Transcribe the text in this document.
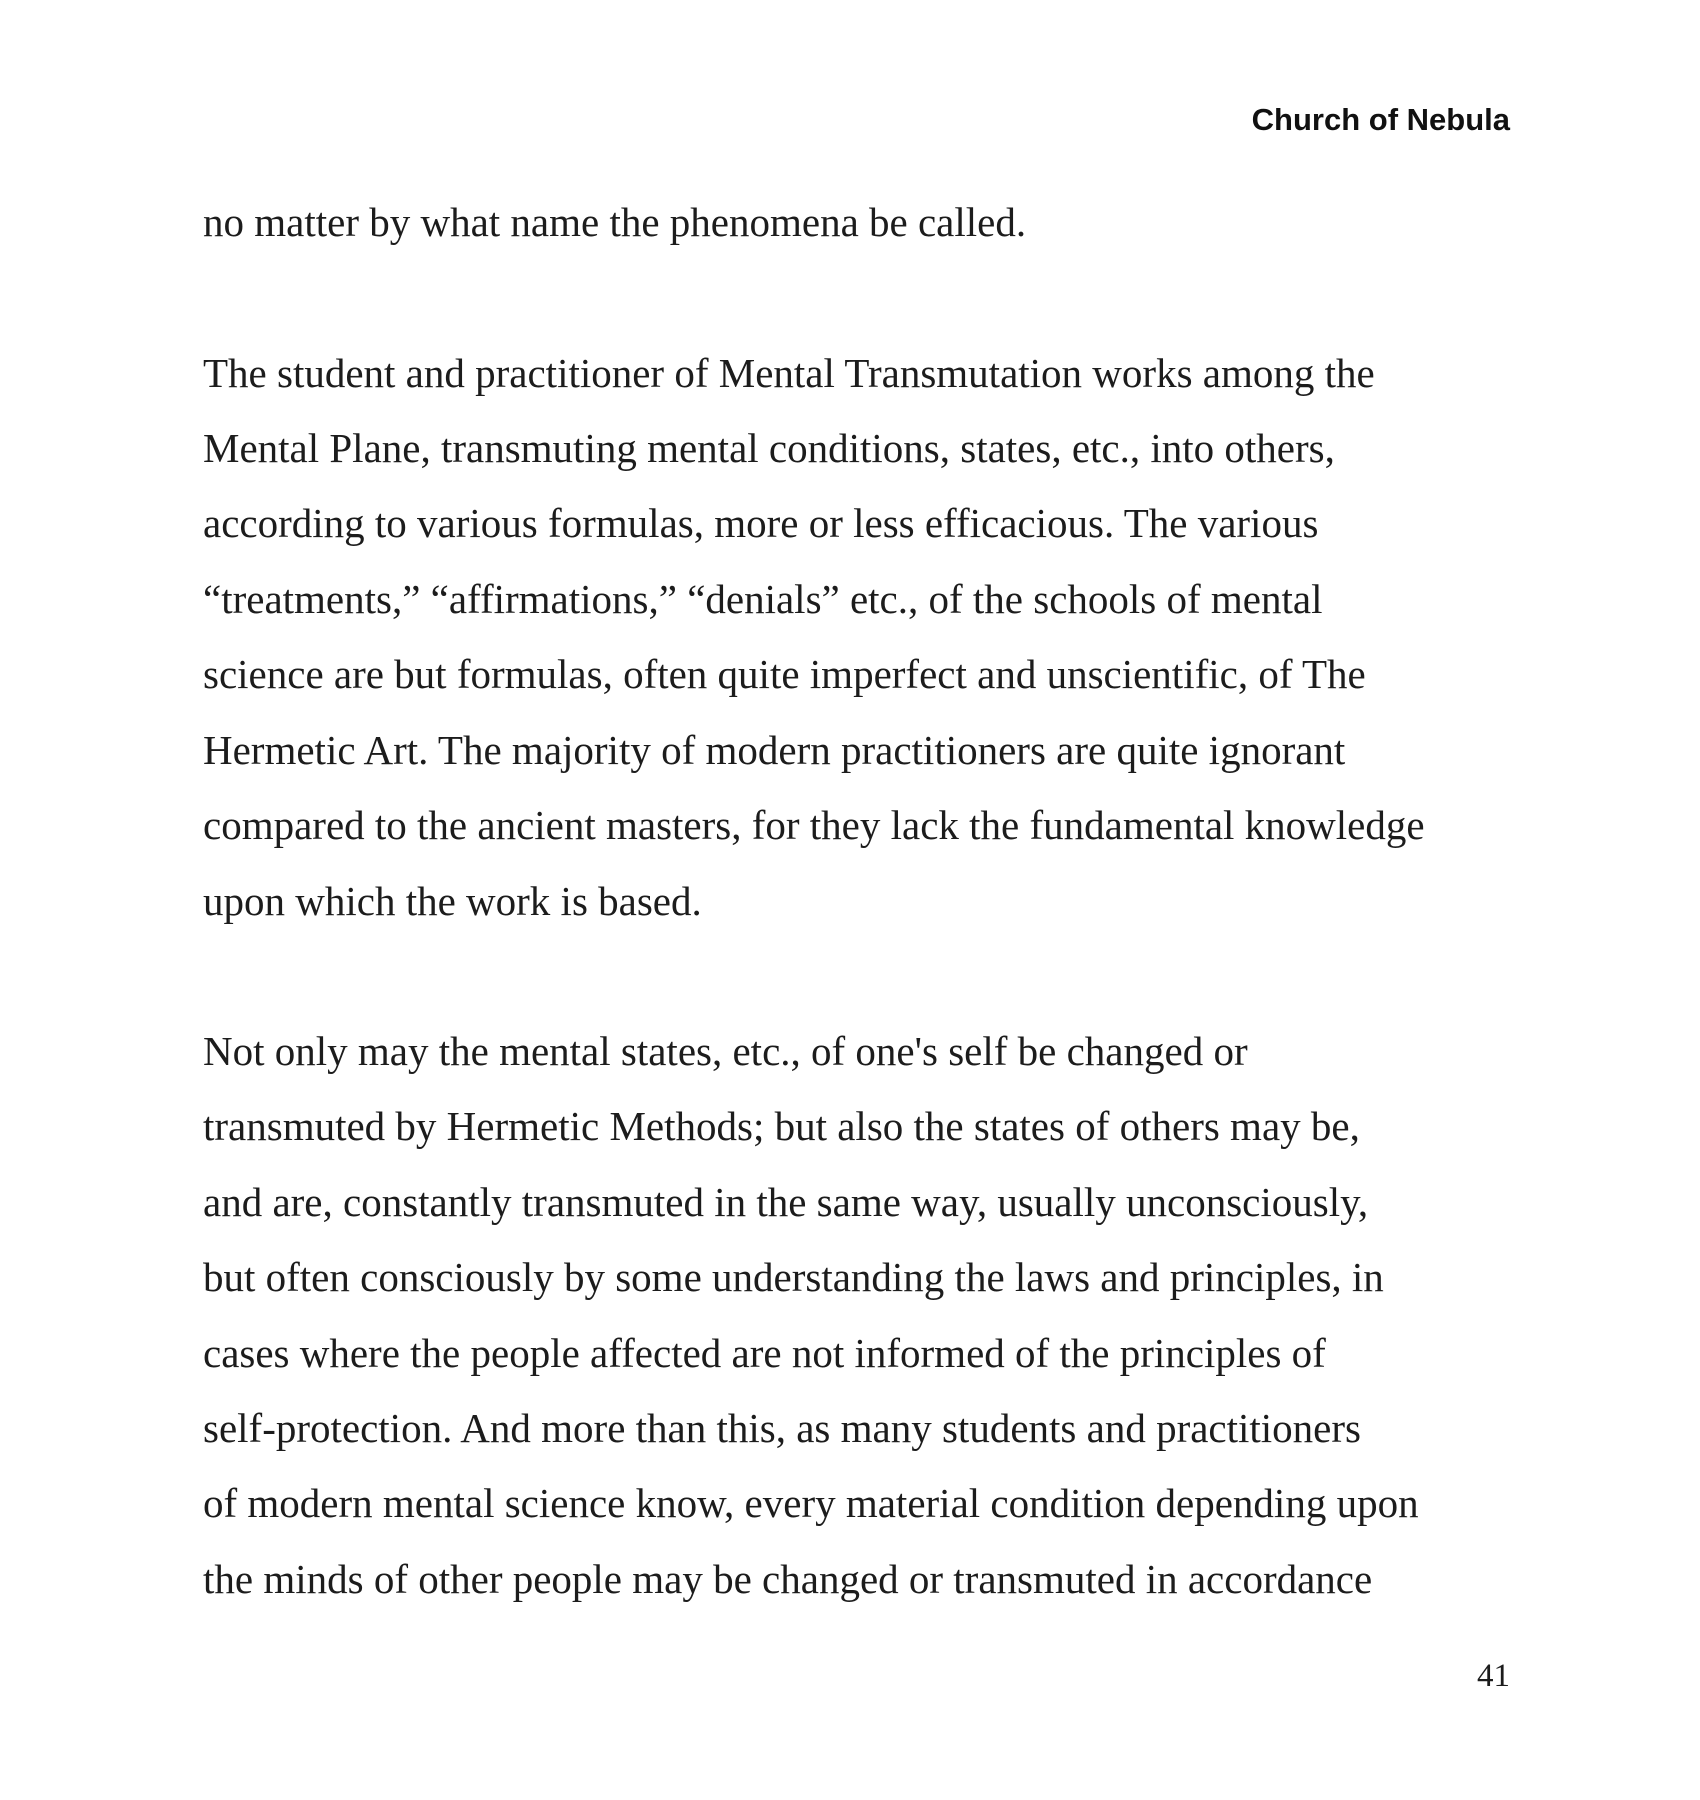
Church of Nebula
no matter by what name the phenomena be called.
The student and practitioner of Mental Transmutation works among the
Mental Plane, transmuting mental conditions, states, etc., into others,
according to various formulas, more or less efficacious. The various
“treatments,” “affirmations,” “denials” etc., of the schools of mental
science are but formulas, often quite imperfect and unscientific, of The
Hermetic Art. The majority of modern practitioners are quite ignorant
compared to the ancient masters, for they lack the fundamental knowledge
upon which the work is based.
Not only may the mental states, etc., of one's self be changed or
transmuted by Hermetic Methods; but also the states of others may be,
and are, constantly transmuted in the same way, usually unconsciously,
but often consciously by some understanding the laws and principles, in
cases where the people affected are not informed of the principles of
self-protection. And more than this, as many students and practitioners
of modern mental science know, every material condition depending upon
the minds of other people may be changed or transmuted in accordance
41
